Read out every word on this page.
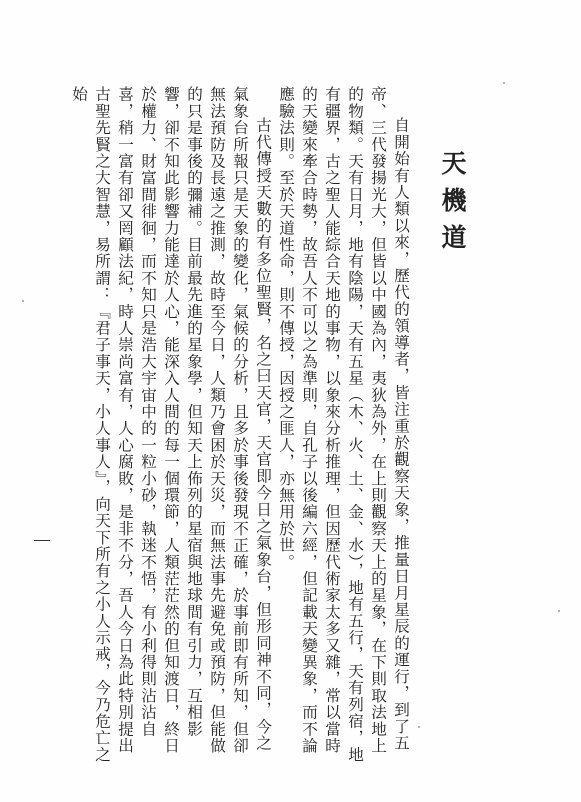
天機道

自開始有人類以來，歷代的領導者，皆注重於觀察天象，推量日月星辰的運行，到了五帝、三代發揚光大，但皆以中國為內，夷狄為外，在上則觀察天上的星象，在下則取法地上的物類。天有日月，地有陰陽，天有五星（木、火、土、金、水），地有五行，天有列宿，地有疆界，古之聖人能綜合天地的事物，以象來分析推理，但因歷代術家太多又雜，常以當時的天變來牽合時勢，故吾人不可以之為準則，自孔子以後編六經，但記載天變異象，而不論應驗法則。至於天道性命，則不傳授，因授之匪人，亦無用於世。

古代傳授天數的有多位聖賢，名之曰天官，天官即今日之氣象台，但形同神不同，今之氣象台所報只是天象的變化，氣候的分析，且多於事後發現不正確，於事前即有所知，但卻無法預防及長遠之推測，故時至今日，人類乃會困於天災，而無法事先避免或預防，但能做的只是事後的彌補。目前最先進的星象學，但知天上佈列的星宿與地球間有引力，互相影響，卻不知此影響力能達於人心，能深入人間的每一個環節，人類茫茫然的但知渡日，終日於權力、財富間徘徊，而不知只是浩大宇宙中的一粒小砂，執迷不悟，有小利得則沾沾自喜，稍一富有卻又罔顧法紀，時人崇尚富有，人心腐敗，是非不分，吾人今日為此特別提出古聖先賢之大智慧，易所謂：『君子事天，小人事人』，向天下所有之小人示戒，今乃危亡之始
